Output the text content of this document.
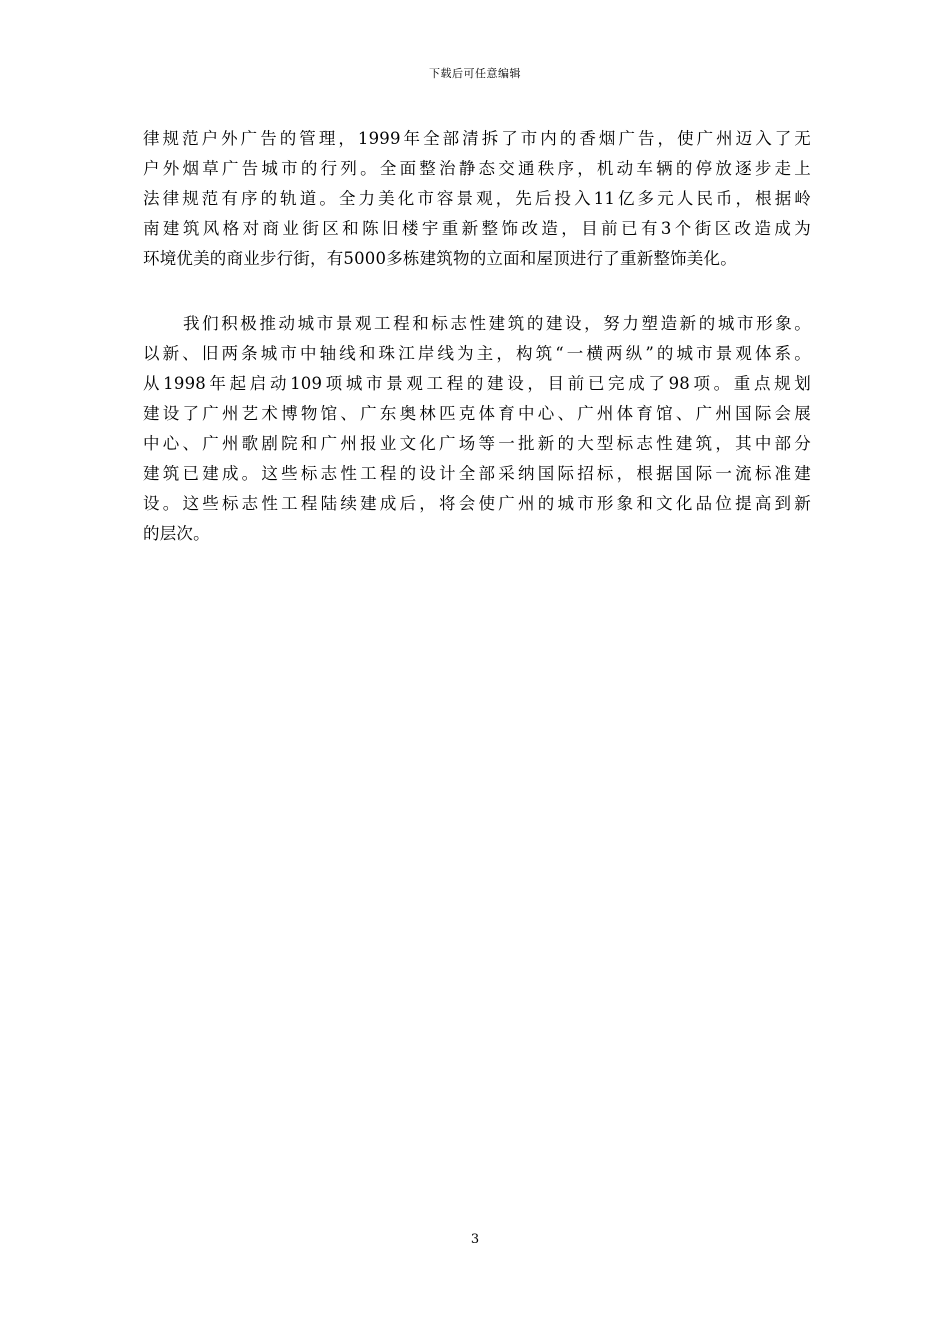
下载后可任意编辑
律规范户外广告的管理，1999年全部清拆了市内的香烟广告，使广州迈入了无
户外烟草广告城市的行列。全面整治静态交通秩序，机动车辆的停放逐步走上
法律规范有序的轨道。全力美化市容景观，先后投入11亿多元人民币，根据岭
南建筑风格对商业街区和陈旧楼宇重新整饰改造，目前已有3个街区改造成为
环境优美的商业步行街，有5000多栋建筑物的立面和屋顶进行了重新整饰美化。
我们积极推动城市景观工程和标志性建筑的建设，努力塑造新的城市形象。
以新、旧两条城市中轴线和珠江岸线为主，构筑“一横两纵”的城市景观体系。
从1998年起启动109项城市景观工程的建设，目前已完成了98项。重点规划
建设了广州艺术博物馆、广东奥林匹克体育中心、广州体育馆、广州国际会展
中心、广州歌剧院和广州报业文化广场等一批新的大型标志性建筑，其中部分
建筑已建成。这些标志性工程的设计全部采纳国际招标，根据国际一流标准建
设。这些标志性工程陆续建成后，将会使广州的城市形象和文化品位提高到新
的层次。
3
